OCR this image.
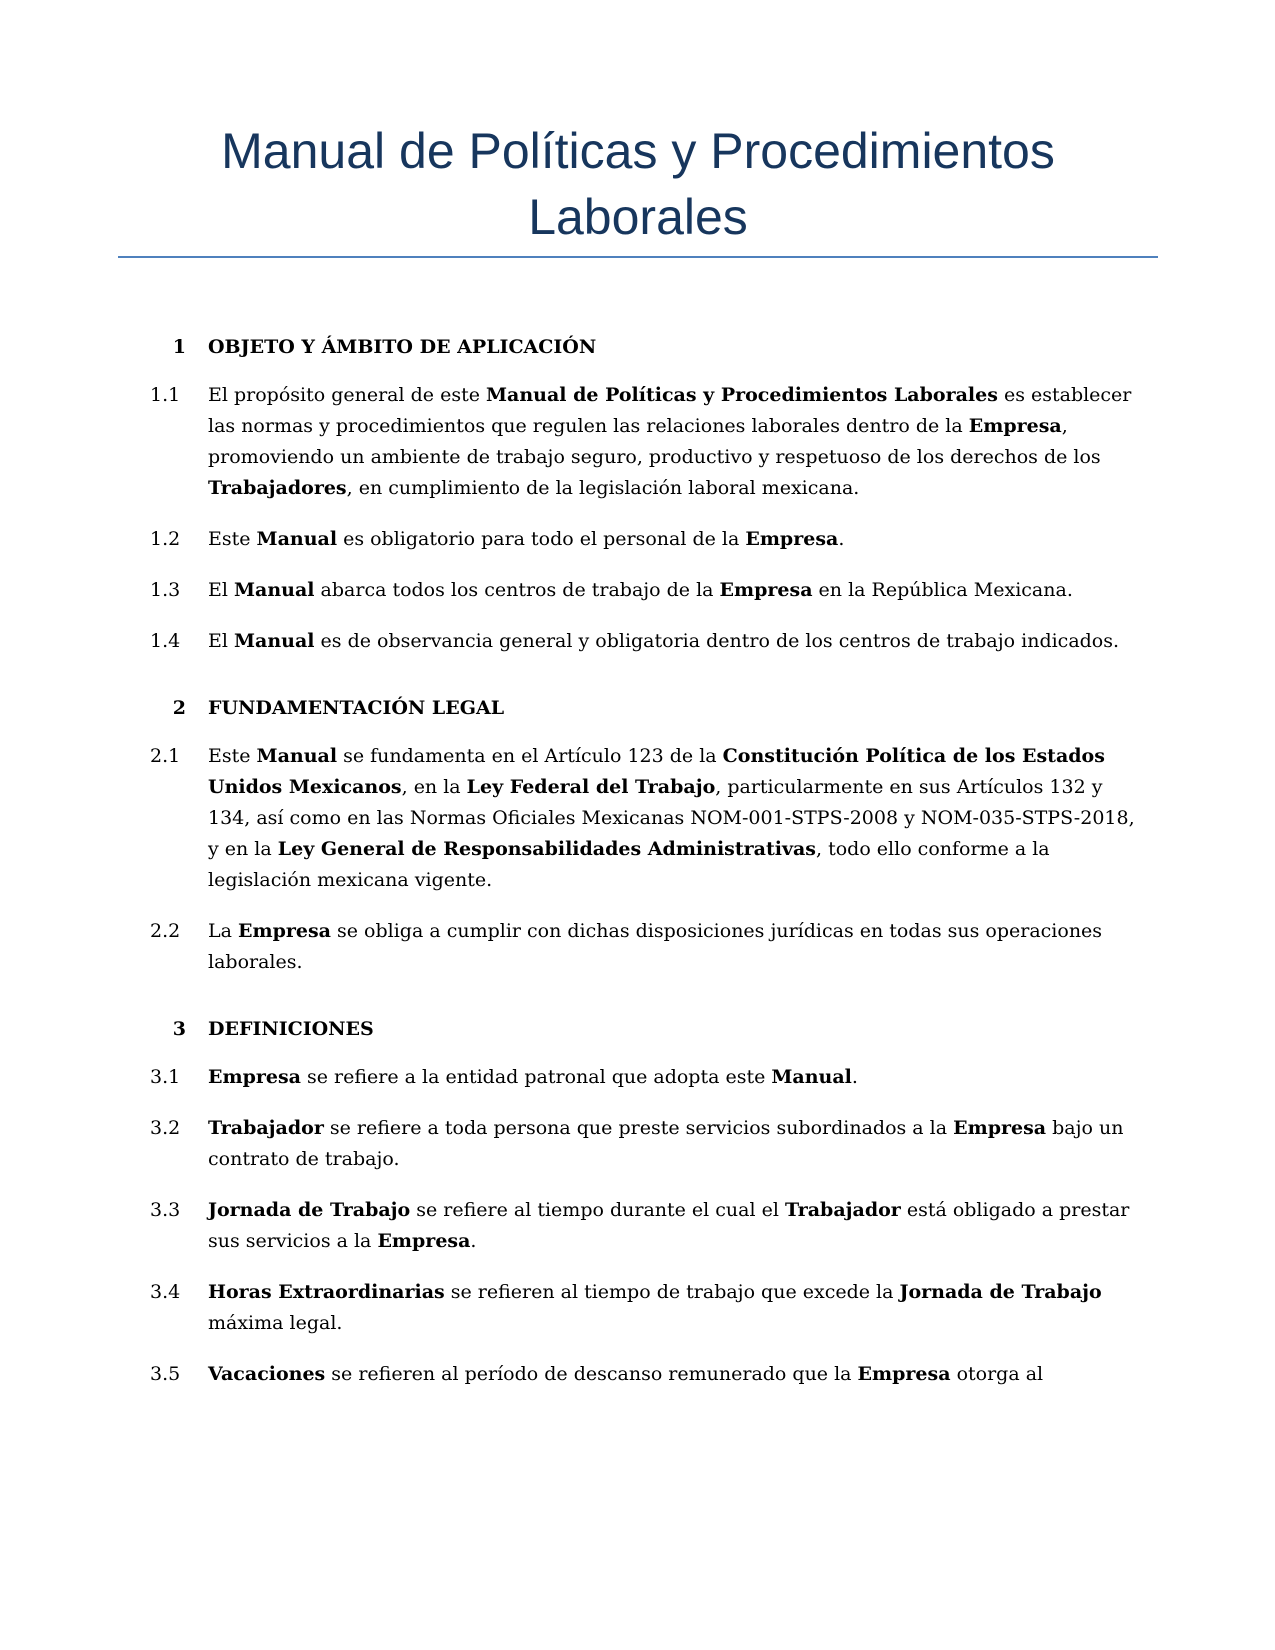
Manual de Políticas y Procedimientos
Laborales
1	OBJETO Y ÁMBITO DE APLICACIÓN
1.1	El propósito general de este Manual de Políticas y Procedimientos Laborales es establecer las normas y procedimientos que regulen las relaciones laborales dentro de la Empresa, promoviendo un ambiente de trabajo seguro, productivo y respetuoso de los derechos de los Trabajadores, en cumplimiento de la legislación laboral mexicana.
1.2	Este Manual es obligatorio para todo el personal de la Empresa.
1.3	El Manual abarca todos los centros de trabajo de la Empresa en la República Mexicana.
1.4	El Manual es de observancia general y obligatoria dentro de los centros de trabajo indicados.
2	FUNDAMENTACIÓN LEGAL
2.1	Este Manual se fundamenta en el Artículo 123 de la Constitución Política de los Estados Unidos Mexicanos, en la Ley Federal del Trabajo, particularmente en sus Artículos 132 y 134, así como en las Normas Oficiales Mexicanas NOM-001-STPS-2008 y NOM-035-STPS-2018, y en la Ley General de Responsabilidades Administrativas, todo ello conforme a la legislación mexicana vigente.
2.2	La Empresa se obliga a cumplir con dichas disposiciones jurídicas en todas sus operaciones laborales.
3	DEFINICIONES
3.1	Empresa se refiere a la entidad patronal que adopta este Manual.
3.2	Trabajador se refiere a toda persona que preste servicios subordinados a la Empresa bajo un contrato de trabajo.
3.3	Jornada de Trabajo se refiere al tiempo durante el cual el Trabajador está obligado a prestar sus servicios a la Empresa.
3.4	Horas Extraordinarias se refieren al tiempo de trabajo que excede la Jornada de Trabajo máxima legal.
3.5	Vacaciones se refieren al período de descanso remunerado que la Empresa otorga al
